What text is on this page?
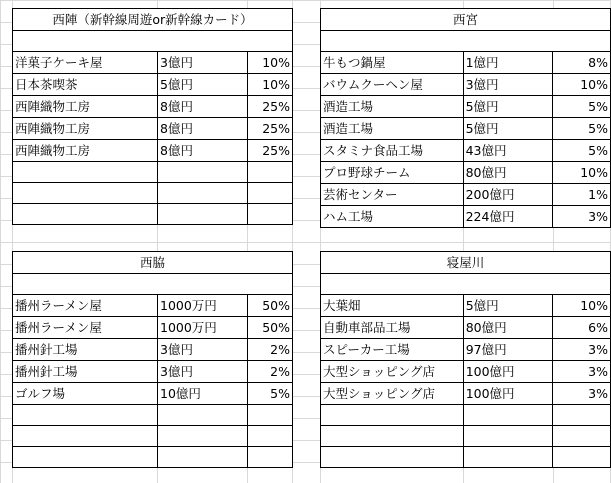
西陣（新幹線周遊or新幹線カード）		

洋菓子ケーキ屋	3億円	10%
日本茶喫茶	5億円	10%
西陣織物工房	8億円	25%
西陣織物工房	8億円	25%
西陣織物工房	8億円	25%

西宮		

牛もつ鍋屋	1億円	8%
バウムクーヘン屋	3億円	10%
酒造工場	5億円	5%
酒造工場	5億円	5%
スタミナ食品工場	43億円	5%
プロ野球チーム	80億円	10%
芸術センター	200億円	1%
ハム工場	224億円	3%
西脇		

播州ラーメン屋	1000万円	50%
播州ラーメン屋	1000万円	50%
播州針工場	3億円	2%
播州針工場	3億円	2%
ゴルフ場	10億円	5%

寝屋川		

大葉畑	5億円	10%
自動車部品工場	80億円	6%
スピーカー工場	97億円	3%
大型ショッピング店	100億円	3%
大型ショッピング店	100億円	3%
